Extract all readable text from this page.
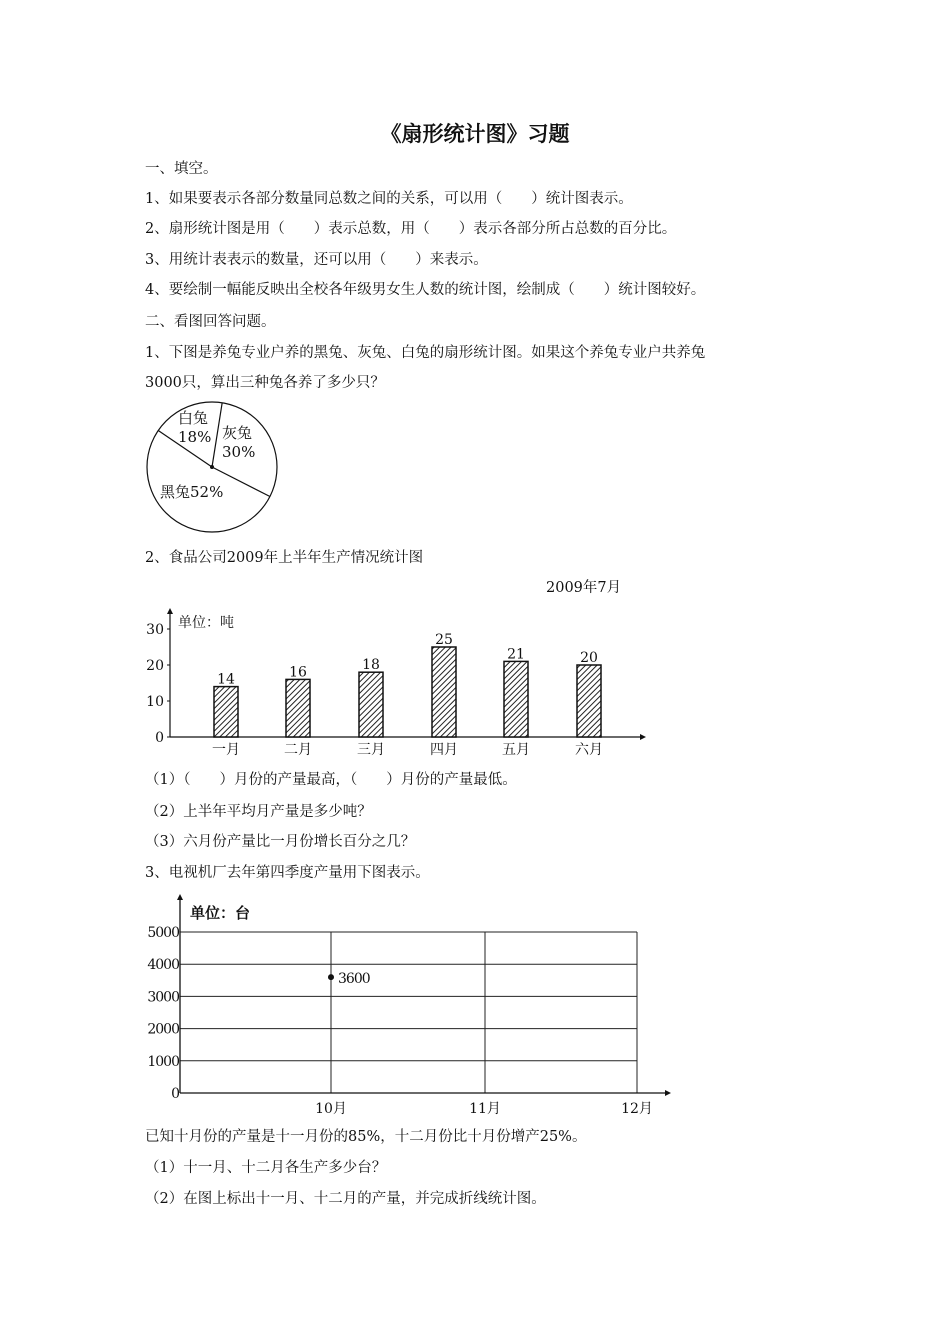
《扇形统计图》习题
一、填空。
1、如果要表示各部分数量同总数之间的关系，可以用（　　）统计图表示。
2、扇形统计图是用（　　）表示总数，用（　　）表示各部分所占总数的百分比。
3、用统计表表示的数量，还可以用（　　）来表示。
4、要绘制一幅能反映出全校各年级男女生人数的统计图，绘制成（　　）统计图较好。
二、看图回答问题。
1、下图是养兔专业户养的黑兔、灰兔、白兔的扇形统计图。如果这个养兔专业户共养兔
3000只，算出三种兔各养了多少只？
2、食品公司2009年上半年生产情况统计图
2009年7月
（1）（　　）月份的产量最高，（　　）月份的产量最低。
（2）上半年平均月产量是多少吨？
（3）六月份产量比一月份增长百分之几？
3、电视机厂去年第四季度产量用下图表示。
已知十月份的产量是十一月份的85%，十二月份比十月份增产25%。
（1）十一月、十二月各生产多少台？
（2）在图上标出十一月、十二月的产量，并完成折线统计图。
灰兔
30%
黑兔52%
白兔
18%
单位：吨
0
10
20
30
14
一月
16
二月
18
三月
25
四月
21
五月
20
六月
0
1000
2000
3000
4000
5000
10月	11月	12月
单位：台
3600
